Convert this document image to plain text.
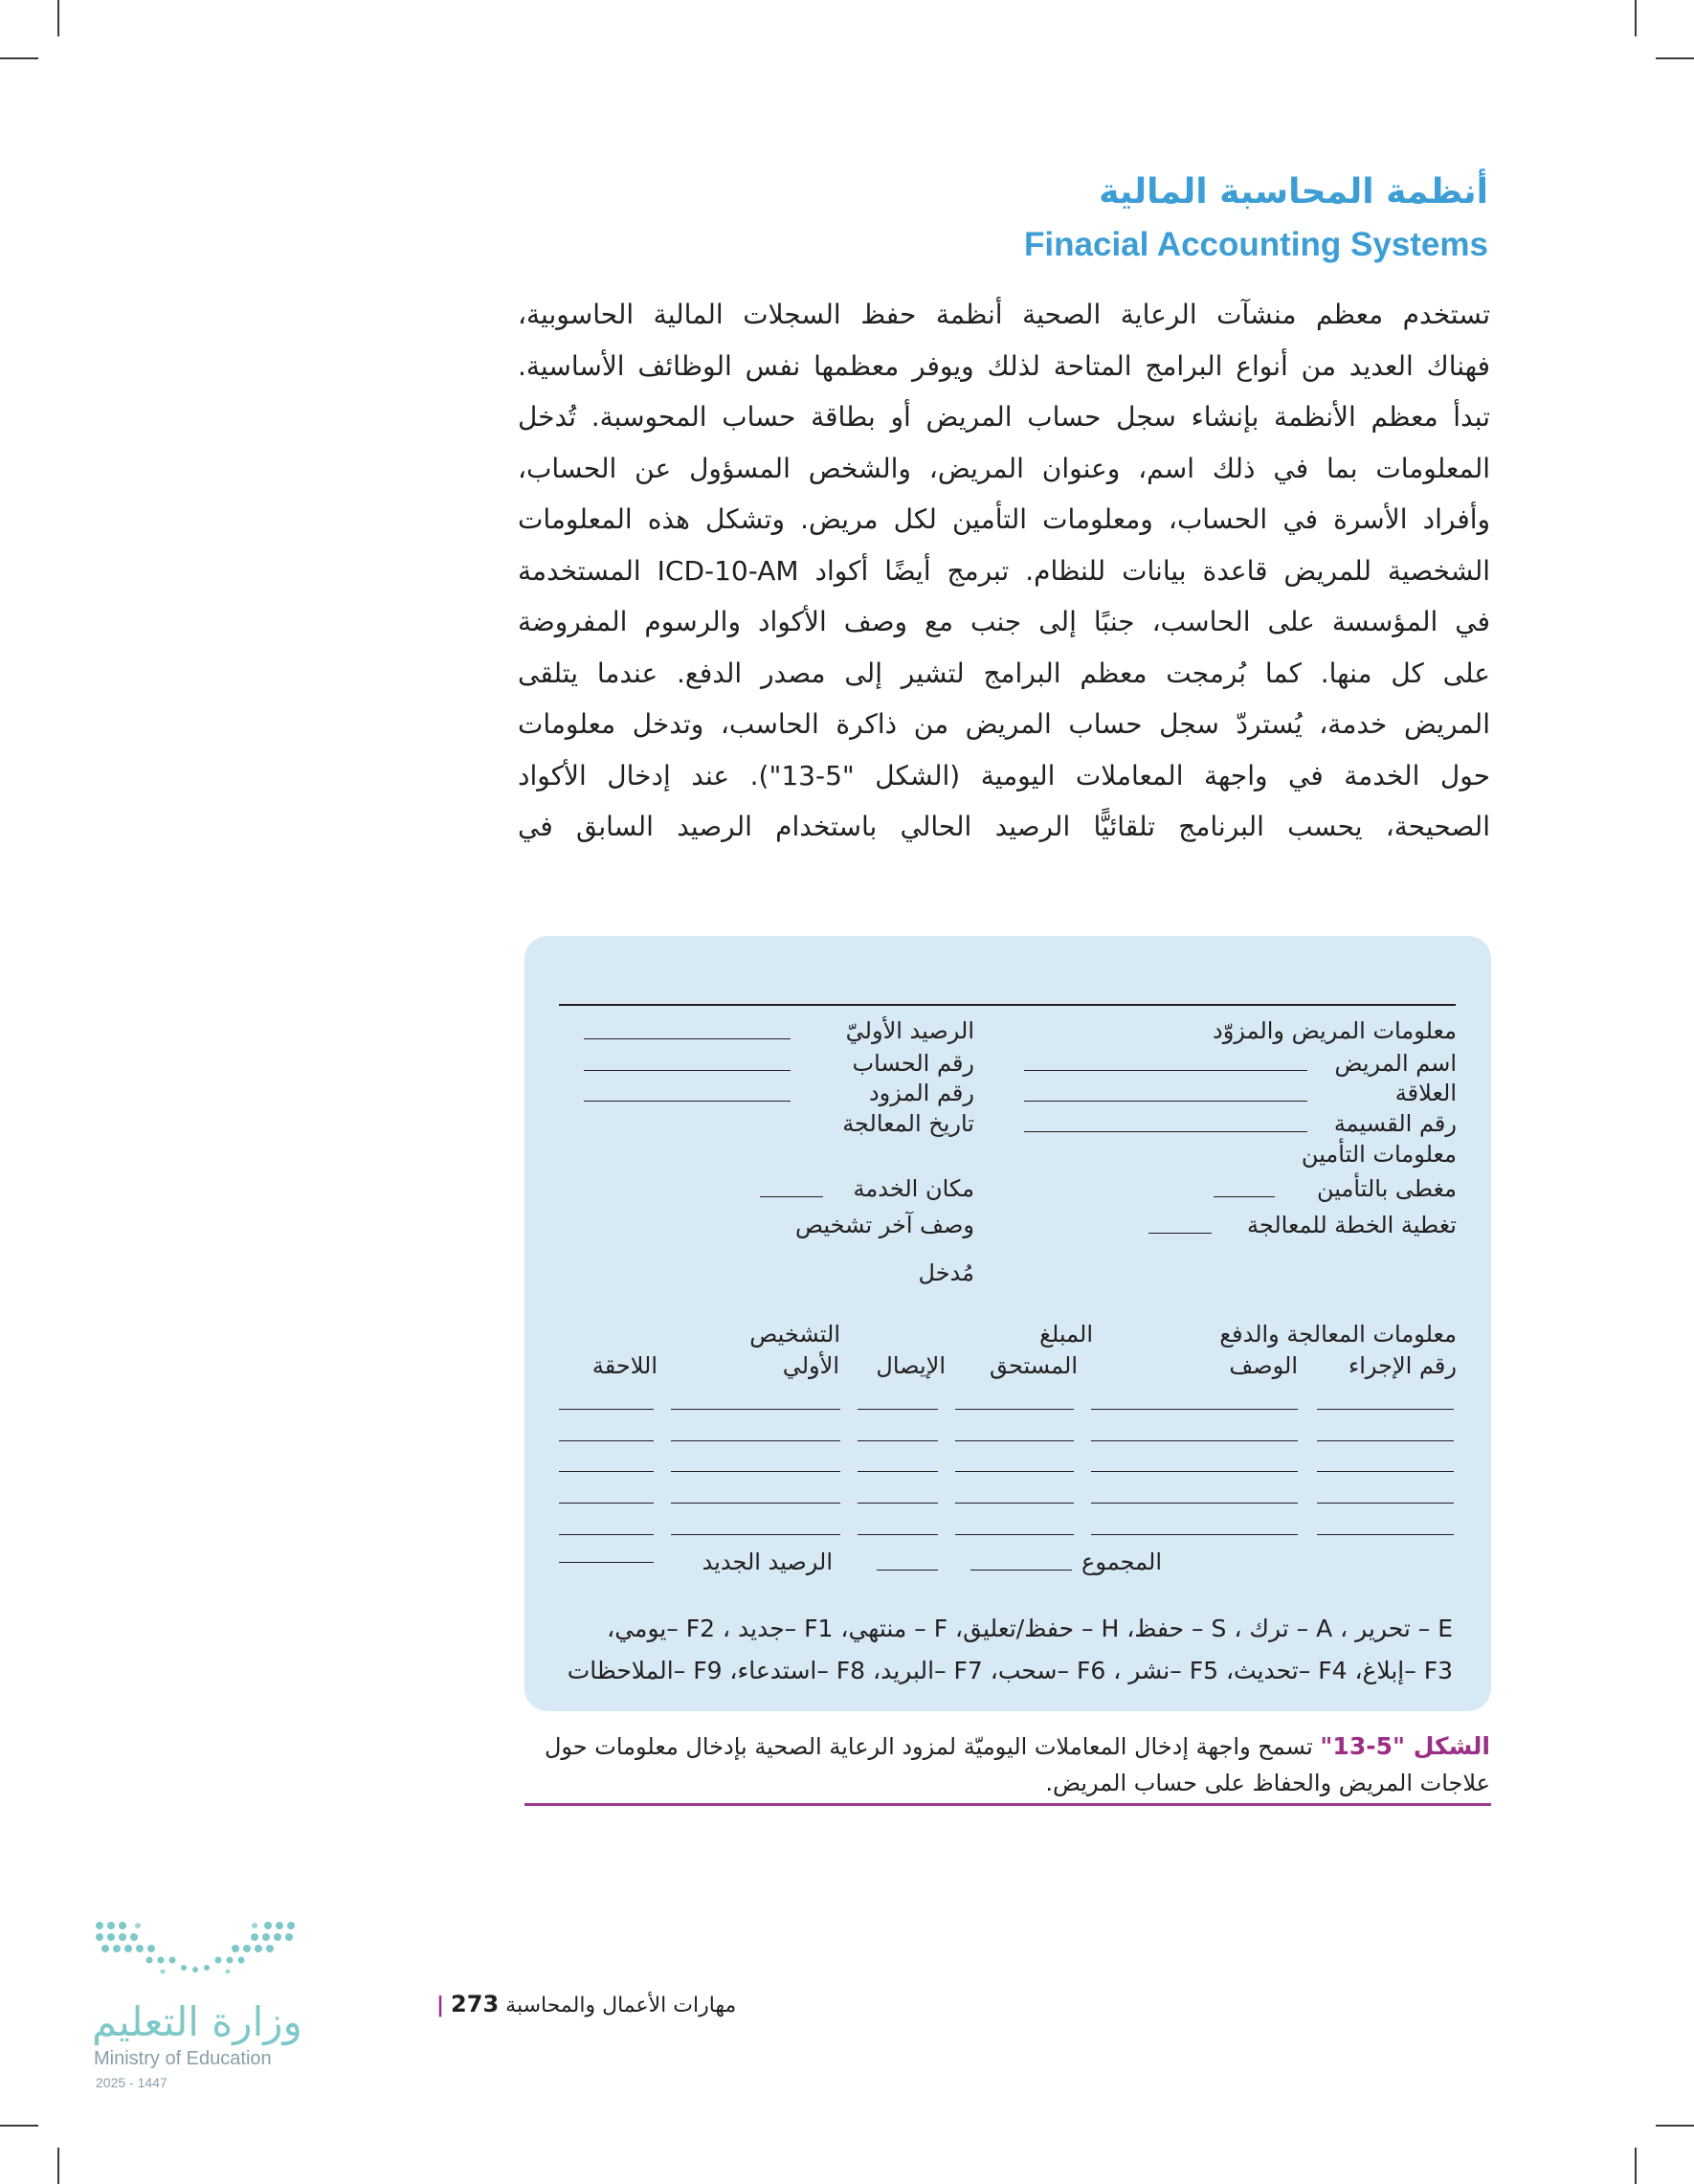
أنظمة المحاسبة المالية
Finacial Accounting Systems
تستخدم معظم منشآت الرعاية الصحية أنظمة حفظ السجلات المالية الحاسوبية،
فهناك العديد من أنواع البرامج المتاحة لذلك ويوفر معظمها نفس الوظائف الأساسية.
تبدأ معظم الأنظمة بإنشاء سجل حساب المريض أو بطاقة حساب المحوسبة. تُدخل
المعلومات بما في ذلك اسم، وعنوان المريض، والشخص المسؤول عن الحساب،
وأفراد الأسرة في الحساب، ومعلومات التأمين لكل مريض. وتشكل هذه المعلومات
الشخصية للمريض قاعدة بيانات للنظام. تبرمج أيضًا أكواد ICD-10-AM المستخدمة
في المؤسسة على الحاسب، جنبًا إلى جنب مع وصف الأكواد والرسوم المفروضة
على كل منها. كما بُرمجت معظم البرامج لتشير إلى مصدر الدفع. عندما يتلقى
المريض خدمة، يُستردّ سجل حساب المريض من ذاكرة الحاسب، وتدخل معلومات
حول الخدمة في واجهة المعاملات اليومية (الشكل "5-13"). عند إدخال الأكواد
الصحيحة، يحسب البرنامج تلقائيًّا الرصيد الحالي باستخدام الرصيد السابق في
معلومات المريض والمزوّد
اسم المريض
العلاقة
رقم القسيمة
معلومات التأمين
مغطى بالتأمين
تغطية الخطة للمعالجة
الرصيد الأوليّ
رقم الحساب
رقم المزود
تاريخ المعالجة
مكان الخدمة
وصف آخر تشخيص
مُدخل
معلومات المعالجة والدفع
رقم الإجراء
الوصف
المبلغ
المستحق
الإيصال
التشخيص
الأولي
اللاحقة
المجموع
الرصيد الجديد
E – تحرير ، A – ترك ، S – حفظ، H – حفظ/تعليق، F – منتهي، F1 –جديد ، F2 –يومي،
F3 –إبلاغ، F4 –تحديث، F5 –نشر ، F6 –سحب، F7 –البريد، F8 –استدعاء، F9 –الملاحظات
الشكل "5-13" تسمح واجهة إدخال المعاملات اليوميّة لمزود الرعاية الصحية بإدخال معلومات حول علاجات المريض والحفاظ على حساب المريض.
وزارة التعليم
Ministry of Education
2025 - 1447
مهارات الأعمال والمحاسبة 273 |
